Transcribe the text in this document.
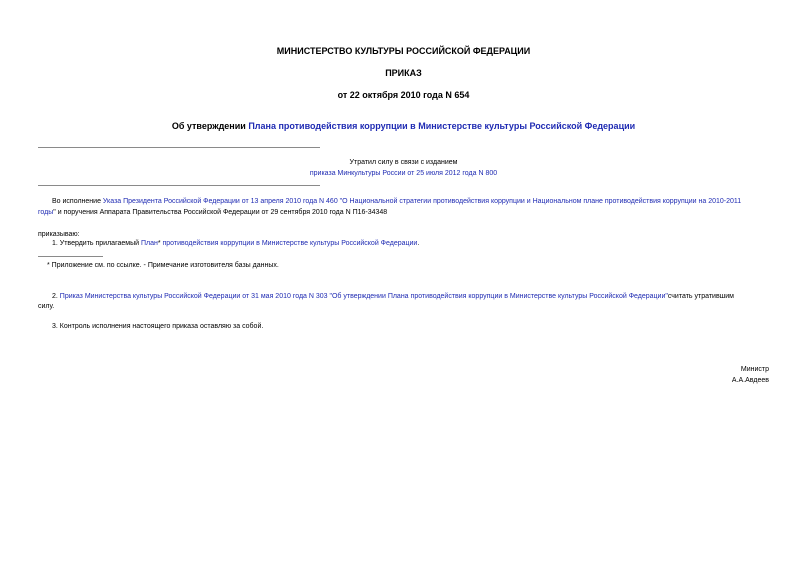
МИНИСТЕРСТВО КУЛЬТУРЫ РОССИЙСКОЙ ФЕДЕРАЦИИ
ПРИКАЗ
от 22 октября 2010 года N 654
Об утверждении Плана противодействия коррупции в Министерстве культуры Российской Федерации
Утратил силу в связи с изданием
приказа Минкультуры России от 25 июля 2012 года N 800
Во исполнение Указа Президента Российской Федерации от 13 апреля 2010 года N 460 "О Национальной стратегии противодействия коррупции и Национальном плане противодействия коррупции на 2010-2011
годы" и поручения Аппарата Правительства Российской Федерации от 29 сентября 2010 года N П16-34348
приказываю:
1. Утвердить прилагаемый План* противодействия коррупции в Министерстве культуры Российской Федерации.
* Приложение см. по ссылке. - Примечание изготовителя базы данных.
2. Приказ Министерства культуры Российской Федерации от 31 мая 2010 года N 303 "Об утверждении Плана противодействия коррупции в Министерстве культуры Российской Федерации"считать утратившим
силу.
3. Контроль исполнения настоящего приказа оставляю за собой.
Министр
А.А.Авдеев
